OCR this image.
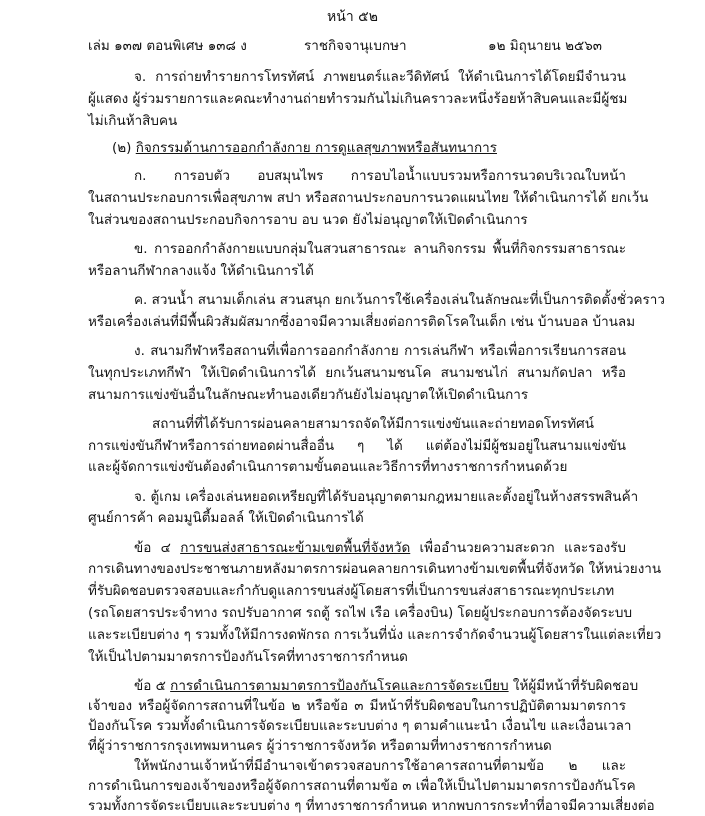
หน้า ๕๒
เล่ม ๑๓๗ ตอนพิเศษ ๑๓๘ ง	ราชกิจจานุเบกษา	๑๒ มิถุนายน ๒๕๖๓
จ. การถ่ายทำรายการโทรทัศน์ ภาพยนตร์และวีดิทัศน์ ให้ดำเนินการได้โดยมีจำนวน
ผู้แสดง ผู้ร่วมรายการและคณะทำงานถ่ายทำรวมกันไม่เกินคราวละหนึ่งร้อยห้าสิบคนและมีผู้ชม
ไม่เกินห้าสิบคน
(๒) กิจกรรมด้านการออกกำลังกาย การดูแลสุขภาพหรือสันทนาการ
ก. การอบตัว อบสมุนไพร การอบไอน้ำแบบรวมหรือการนวดบริเวณใบหน้า
ในสถานประกอบการเพื่อสุขภาพ สปา หรือสถานประกอบการนวดแผนไทย ให้ดำเนินการได้ ยกเว้น
ในส่วนของสถานประกอบกิจการอาบ อบ นวด ยังไม่อนุญาตให้เปิดดำเนินการ
ข. การออกกำลังกายแบบกลุ่มในสวนสาธารณะ ลานกิจกรรม พื้นที่กิจกรรมสาธารณะ
หรือลานกีฬากลางแจ้ง ให้ดำเนินการได้
ค. สวนน้ำ สนามเด็กเล่น สวนสนุก ยกเว้นการใช้เครื่องเล่นในลักษณะที่เป็นการติดตั้งชั่วคราว
หรือเครื่องเล่นที่มีพื้นผิวสัมผัสมากซึ่งอาจมีความเสี่ยงต่อการติดโรคในเด็ก เช่น บ้านบอล บ้านลม
ง. สนามกีฬาหรือสถานที่เพื่อการออกกำลังกาย การเล่นกีฬา หรือเพื่อการเรียนการสอน
ในทุกประเภทกีฬา ให้เปิดดำเนินการได้ ยกเว้นสนามชนโค สนามชนไก่ สนามกัดปลา หรือ
สนามการแข่งขันอื่นในลักษณะทำนองเดียวกันยังไม่อนุญาตให้เปิดดำเนินการ
สถานที่ที่ได้รับการผ่อนคลายสามารถจัดให้มีการแข่งขันและถ่ายทอดโทรทัศน์
การแข่งขันกีฬาหรือการถ่ายทอดผ่านสื่ออื่น ๆ ได้ แต่ต้องไม่มีผู้ชมอยู่ในสนามแข่งขัน
และผู้จัดการแข่งขันต้องดำเนินการตามขั้นตอนและวิธีการที่ทางราชการกำหนดด้วย
จ. ตู้เกม เครื่องเล่นหยอดเหรียญที่ได้รับอนุญาตตามกฎหมายและตั้งอยู่ในห้างสรรพสินค้า
ศูนย์การค้า คอมมูนิตี้มอลล์ ให้เปิดดำเนินการได้
ข้อ ๔ การขนส่งสาธารณะข้ามเขตพื้นที่จังหวัด เพื่ออำนวยความสะดวก และรองรับ
การเดินทางของประชาชนภายหลังมาตรการผ่อนคลายการเดินทางข้ามเขตพื้นที่จังหวัด ให้หน่วยงาน
ที่รับผิดชอบตรวจสอบและกำกับดูแลการขนส่งผู้โดยสารที่เป็นการขนส่งสาธารณะทุกประเภท
(รถโดยสารประจำทาง รถปรับอากาศ รถตู้ รถไฟ เรือ เครื่องบิน) โดยผู้ประกอบการต้องจัดระบบ
และระเบียบต่าง ๆ รวมทั้งให้มีการงดพักรถ การเว้นที่นั่ง และการจำกัดจำนวนผู้โดยสารในแต่ละเที่ยว
ให้เป็นไปตามมาตรการป้องกันโรคที่ทางราชการกำหนด
ข้อ ๕ การดำเนินการตามมาตรการป้องกันโรคและการจัดระเบียบ ให้ผู้มีหน้าที่รับผิดชอบ
เจ้าของ หรือผู้จัดการสถานที่ในข้อ ๒ หรือข้อ ๓ มีหน้าที่รับผิดชอบในการปฏิบัติตามมาตรการ
ป้องกันโรค รวมทั้งดำเนินการจัดระเบียบและระบบต่าง ๆ ตามคำแนะนำ เงื่อนไข และเงื่อนเวลา
ที่ผู้ว่าราชการกรุงเทพมหานคร ผู้ว่าราชการจังหวัด หรือตามที่ทางราชการกำหนด
ให้พนักงานเจ้าหน้าที่มีอำนาจเข้าตรวจสอบการใช้อาคารสถานที่ตามข้อ ๒ และ
การดำเนินการของเจ้าของหรือผู้จัดการสถานที่ตามข้อ ๓ เพื่อให้เป็นไปตามมาตรการป้องกันโรค
รวมทั้งการจัดระเบียบและระบบต่าง ๆ ที่ทางราชการกำหนด หากพบการกระทำที่อาจมีความเสี่ยงต่อ
